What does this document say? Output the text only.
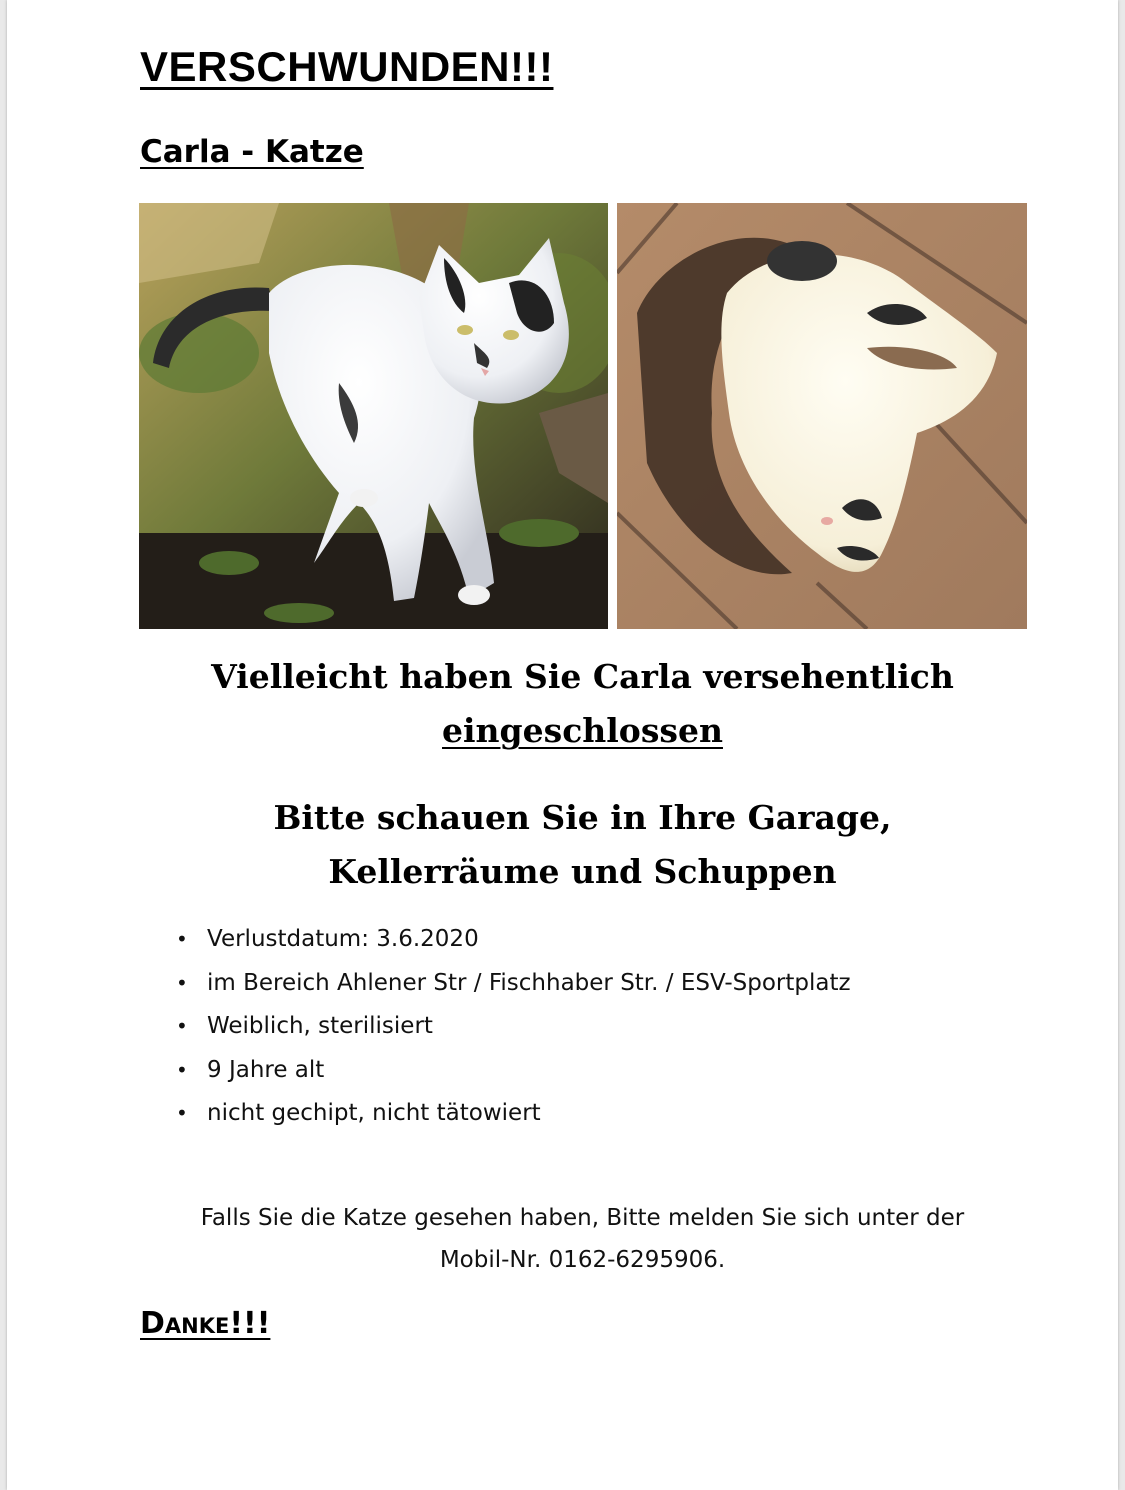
VERSCHWUNDEN!!!
Carla - Katze

Vielleicht haben Sie Carla versehentlich
eingeschlossen

Bitte schauen Sie in Ihre Garage,
Kellerräume und Schuppen

• Verlustdatum: 3.6.2020
• im Bereich Ahlener Str / Fischhaber Str. / ESV-Sportplatz
• Weiblich, sterilisiert
• 9 Jahre alt
• nicht gechipt, nicht tätowiert

Falls Sie die Katze gesehen haben, Bitte melden Sie sich unter der

Mobil-Nr. 0162-6295906.

Danke!!!
